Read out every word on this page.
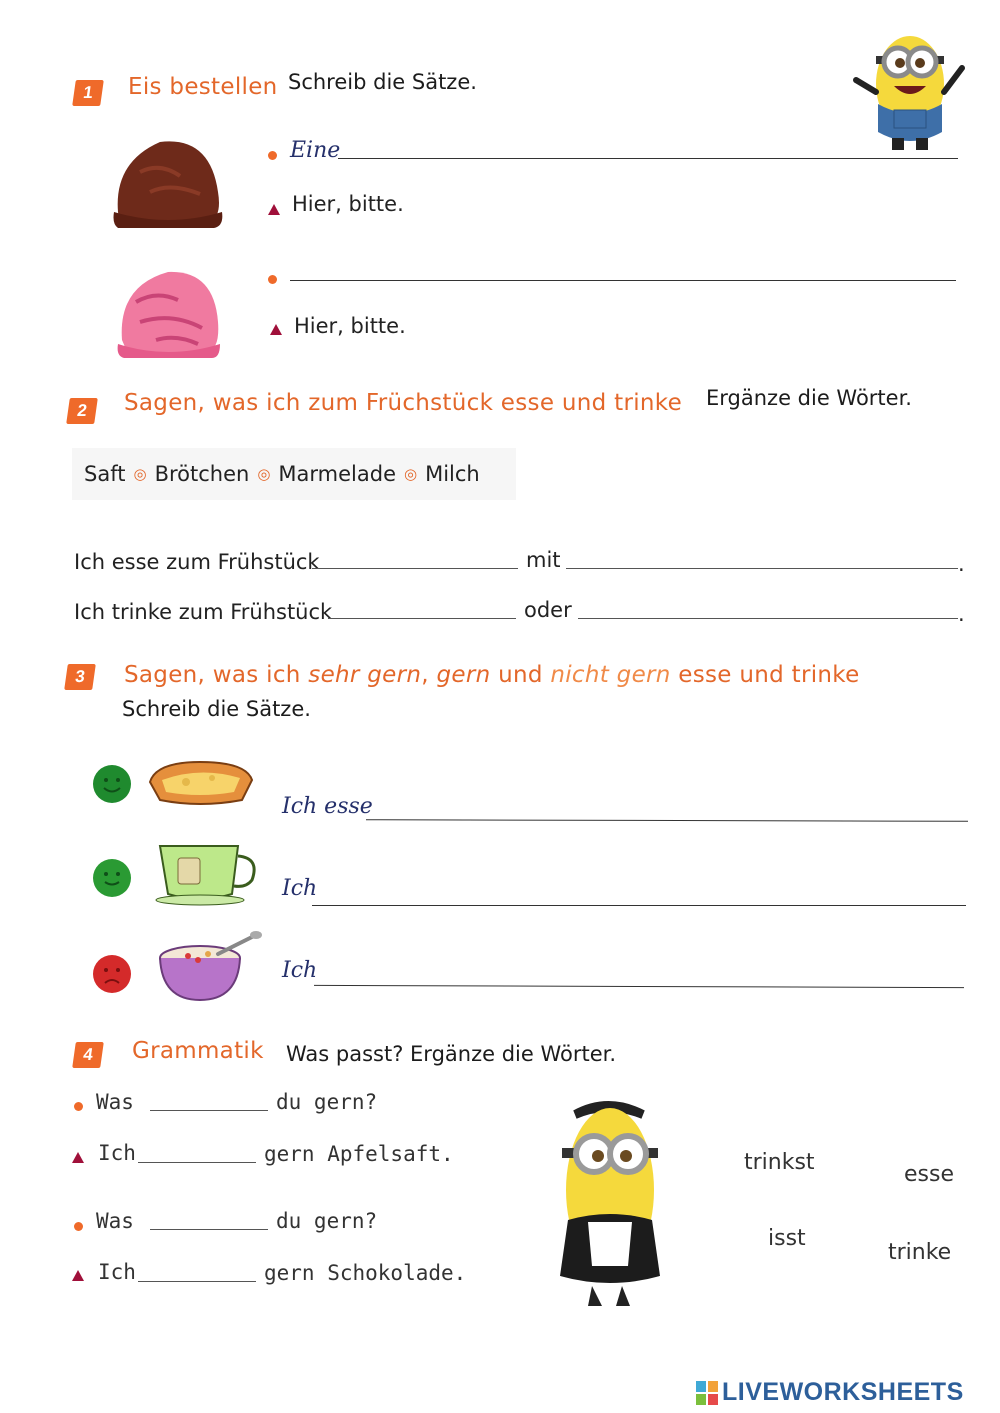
1	Eis bestellen Schreib die Sätze.
Eine
Hier, bitte.
Hier, bitte.
2	Sagen, was ich zum Früchstück esse und trinke Ergänze die Wörter.
Saft ◎ Brötchen ◎ Marmelade ◎ Milch
Ich esse zum Frühstück	mit	.
Ich trinke zum Frühstück	oder	.
3	Sagen, was ich sehr gern, gern und nicht gern esse und trinke
Schreib die Sätze.
Ich esse
Ich
Ich
4	Grammatik Was passt? Ergänze die Wörter.
Was	du gern?
Ich	gern Apfelsaft.
Was	du gern?
Ich	gern Schokolade.
trinkst	esse
isst
trinke
LIVEWORKSHEETS
